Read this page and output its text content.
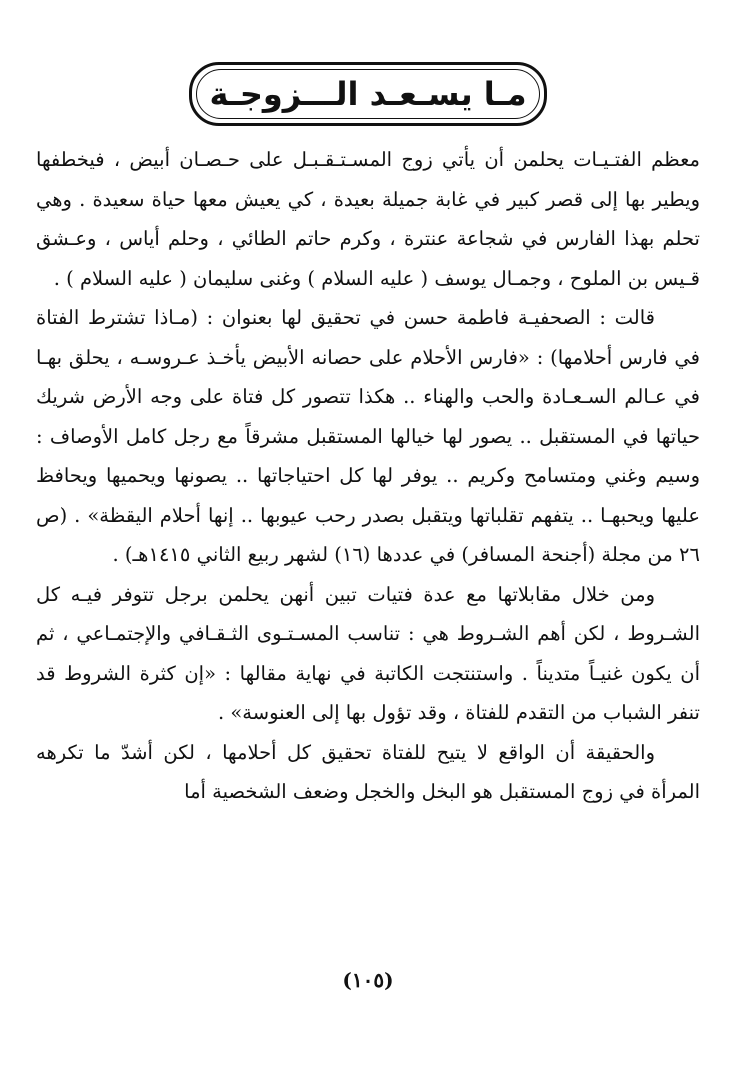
مـا يسـعـد الـــزوجـة

معظم الفتـيـات يحلمن أن يأتي زوج المسـتـقـبـل على حـصـان أبيض ، فيخطفها ويطير بها إلى قصر كبير في غابة جميلة بعيدة ، كي يعيش معها حياة سعيدة . وهي تحلم بهذا الفارس في شجاعة عنترة ، وكرم حاتم الطائي ، وحلم أياس ، وعـشق قـيس بن الملوح ، وجمـال يوسف ( عليه السلام ) وغنى سليمان ( عليه السلام ) .

قالت : الصحفيـة فاطمة حسن في تحقيق لها بعنوان : (مـاذا تشترط الفتاة في فارس أحلامها) : «فارس الأحلام على حصانه الأبيض يأخـذ عـروسـه ، يحلق بهـا في عـالم السـعـادة والحب والهناء .. هكذا تتصور كل فتاة على وجه الأرض شريك حياتها في المستقبل .. يصور لها خيالها المستقبل مشرقاً مع رجل كامل الأوصاف : وسيم وغني ومتسامح وكريم .. يوفر لها كل احتياجاتها .. يصونها ويحميها ويحافظ عليها ويحبهـا .. يتفهم تقلباتها ويتقبل بصدر رحب عيوبها .. إنها أحلام اليقظة» . (ص ٢٦ من مجلة (أجنحة المسافر) في عددها (١٦) لشهر ربيع الثاني ١٤١٥هـ) .

ومن خلال مقابلاتها مع عدة فتيات تبين أنهن يحلمن برجل تتوفر فيـه كل الشـروط ، لكن أهم الشـروط هي : تناسب المسـتـوى الثـقـافي والإجتمـاعي ، ثم أن يكون غنيـاً متديناً . واستنتجت الكاتبة في نهاية مقالها : «إن كثرة الشروط قد تنفر الشباب من التقدم للفتاة ، وقد تؤول بها إلى العنوسة» .

والحقيقة أن الواقع لا يتيح للفتاة تحقيق كل أحلامها ، لكن أشدّ ما تكرهه المرأة في زوج المستقبل هو البخل والخجل وضعف الشخصية أما

(١٠٥)
